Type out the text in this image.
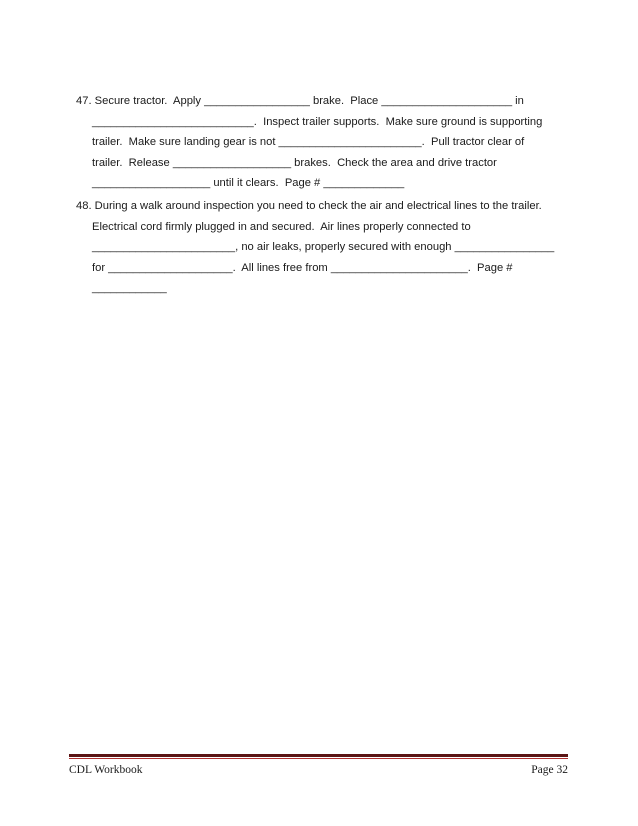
47. Secure tractor.  Apply _________________ brake.  Place _____________________ in
__________________________.  Inspect trailer supports.  Make sure ground is supporting
trailer.  Make sure landing gear is not _______________________.  Pull tractor clear of
trailer.  Release ___________________ brakes.  Check the area and drive tractor
___________________ until it clears.  Page # _____________
48. During a walk around inspection you need to check the air and electrical lines to the trailer.
Electrical cord firmly plugged in and secured.  Air lines properly connected to
_______________________, no air leaks, properly secured with enough ________________
for ____________________.  All lines free from ______________________.  Page #
____________
CDL Workbook	Page 32
